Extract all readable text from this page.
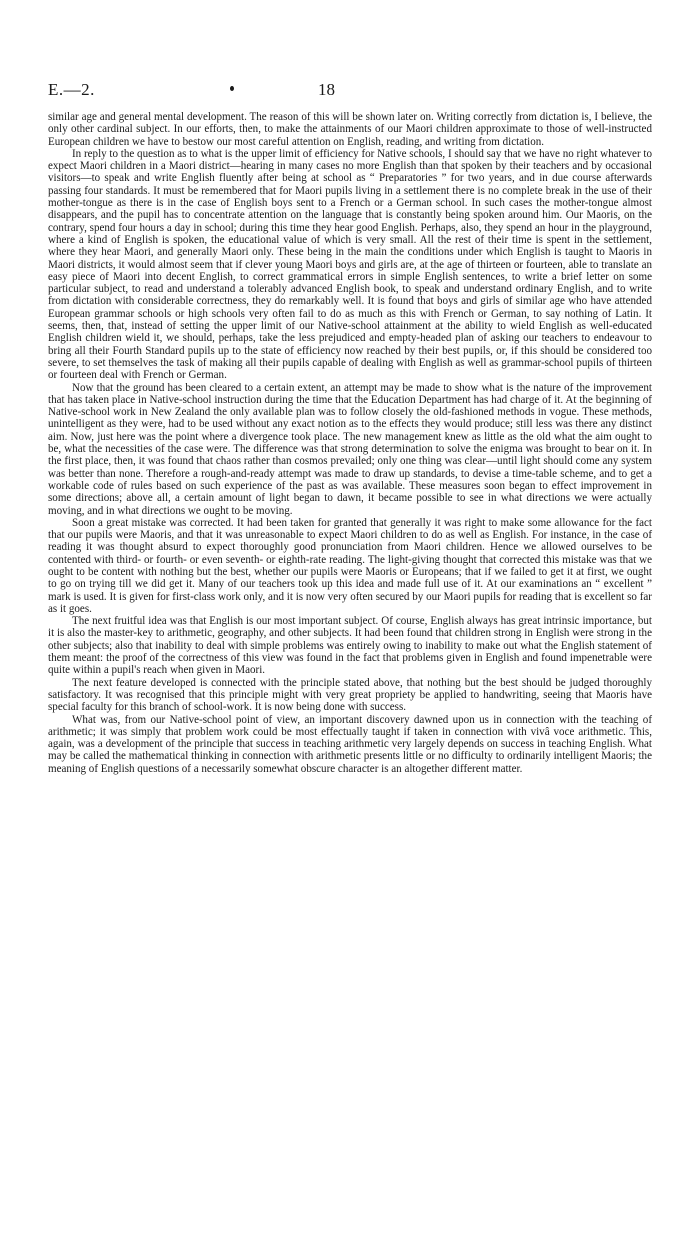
E.—2.	18

similar age and general mental development. The reason of this will be shown later on. Writing correctly from dictation is, I believe, the only other cardinal subject. In our efforts, then, to make the attainments of our Maori children approximate to those of well-instructed European children we have to bestow our most careful attention on English, reading, and writing from dictation.

In reply to the question as to what is the upper limit of efficiency for Native schools, I should say that we have no right whatever to expect Maori children in a Maori district—hearing in many cases no more English than that spoken by their teachers and by occasional visitors—to speak and write English fluently after being at school as “ Preparatories ” for two years, and in due course afterwards passing four standards. It must be remembered that for Maori pupils living in a settlement there is no complete break in the use of their mother-tongue as there is in the case of English boys sent to a French or a German school. In such cases the mother-tongue almost disappears, and the pupil has to concentrate attention on the language that is constantly being spoken around him. Our Maoris, on the contrary, spend four hours a day in school; during this time they hear good English. Perhaps, also, they spend an hour in the playground, where a kind of English is spoken, the educational value of which is very small. All the rest of their time is spent in the settlement, where they hear Maori, and generally Maori only. These being in the main the conditions under which English is taught to Maoris in Maori districts, it would almost seem that if clever young Maori boys and girls are, at the age of thirteen or fourteen, able to translate an easy piece of Maori into decent English, to correct grammatical errors in simple English sentences, to write a brief letter on some particular subject, to read and understand a tolerably advanced English book, to speak and understand ordinary English, and to write from dictation with considerable correctness, they do remarkably well. It is found that boys and girls of similar age who have attended European grammar schools or high schools very often fail to do as much as this with French or German, to say nothing of Latin. It seems, then, that, instead of setting the upper limit of our Native-school attainment at the ability to wield English as well-educated English children wield it, we should, perhaps, take the less prejudiced and empty-headed plan of asking our teachers to endeavour to bring all their Fourth Standard pupils up to the state of efficiency now reached by their best pupils, or, if this should be considered too severe, to set themselves the task of making all their pupils capable of dealing with English as well as grammar-school pupils of thirteen or fourteen deal with French or German.

Now that the ground has been cleared to a certain extent, an attempt may be made to show what is the nature of the improvement that has taken place in Native-school instruction during the time that the Education Department has had charge of it. At the beginning of Native-school work in New Zealand the only available plan was to follow closely the old-fashioned methods in vogue. These methods, unintelligent as they were, had to be used without any exact notion as to the effects they would produce; still less was there any distinct aim. Now, just here was the point where a divergence took place. The new management knew as little as the old what the aim ought to be, what the necessities of the case were. The difference was that strong determination to solve the enigma was brought to bear on it. In the first place, then, it was found that chaos rather than cosmos prevailed; only one thing was clear—until light should come any system was better than none. Therefore a rough-and-ready attempt was made to draw up standards, to devise a time-table scheme, and to get a workable code of rules based on such experience of the past as was available. These measures soon began to effect improvement in some directions; above all, a certain amount of light began to dawn, it became possible to see in what directions we were actually moving, and in what directions we ought to be moving.

Soon a great mistake was corrected. It had been taken for granted that generally it was right to make some allowance for the fact that our pupils were Maoris, and that it was unreasonable to expect Maori children to do as well as English. For instance, in the case of reading it was thought absurd to expect thoroughly good pronunciation from Maori children. Hence we allowed ourselves to be contented with third- or fourth- or even seventh- or eighth-rate reading. The light-giving thought that corrected this mistake was that we ought to be content with nothing but the best, whether our pupils were Maoris or Europeans; that if we failed to get it at first, we ought to go on trying till we did get it. Many of our teachers took up this idea and made full use of it. At our examinations an “ excellent ” mark is used. It is given for first-class work only, and it is now very often secured by our Maori pupils for reading that is excellent so far as it goes.

The next fruitful idea was that English is our most important subject. Of course, English always has great intrinsic importance, but it is also the master-key to arithmetic, geography, and other subjects. It had been found that children strong in English were strong in the other subjects; also that inability to deal with simple problems was entirely owing to inability to make out what the English statement of them meant: the proof of the correctness of this view was found in the fact that problems given in English and found impenetrable were quite within a pupil's reach when given in Maori.

The next feature developed is connected with the principle stated above, that nothing but the best should be judged thoroughly satisfactory. It was recognised that this principle might with very great propriety be applied to handwriting, seeing that Maoris have special faculty for this branch of school-work. It is now being done with success.

What was, from our Native-school point of view, an important discovery dawned upon us in connection with the teaching of arithmetic; it was simply that problem work could be most effectually taught if taken in connection with vivâ voce arithmetic. This, again, was a development of the principle that success in teaching arithmetic very largely depends on success in teaching English. What may be called the mathematical thinking in connection with arithmetic presents little or no difficulty to ordinarily intelligent Maoris; the meaning of English questions of a necessarily somewhat obscure character is an altogether different matter.
